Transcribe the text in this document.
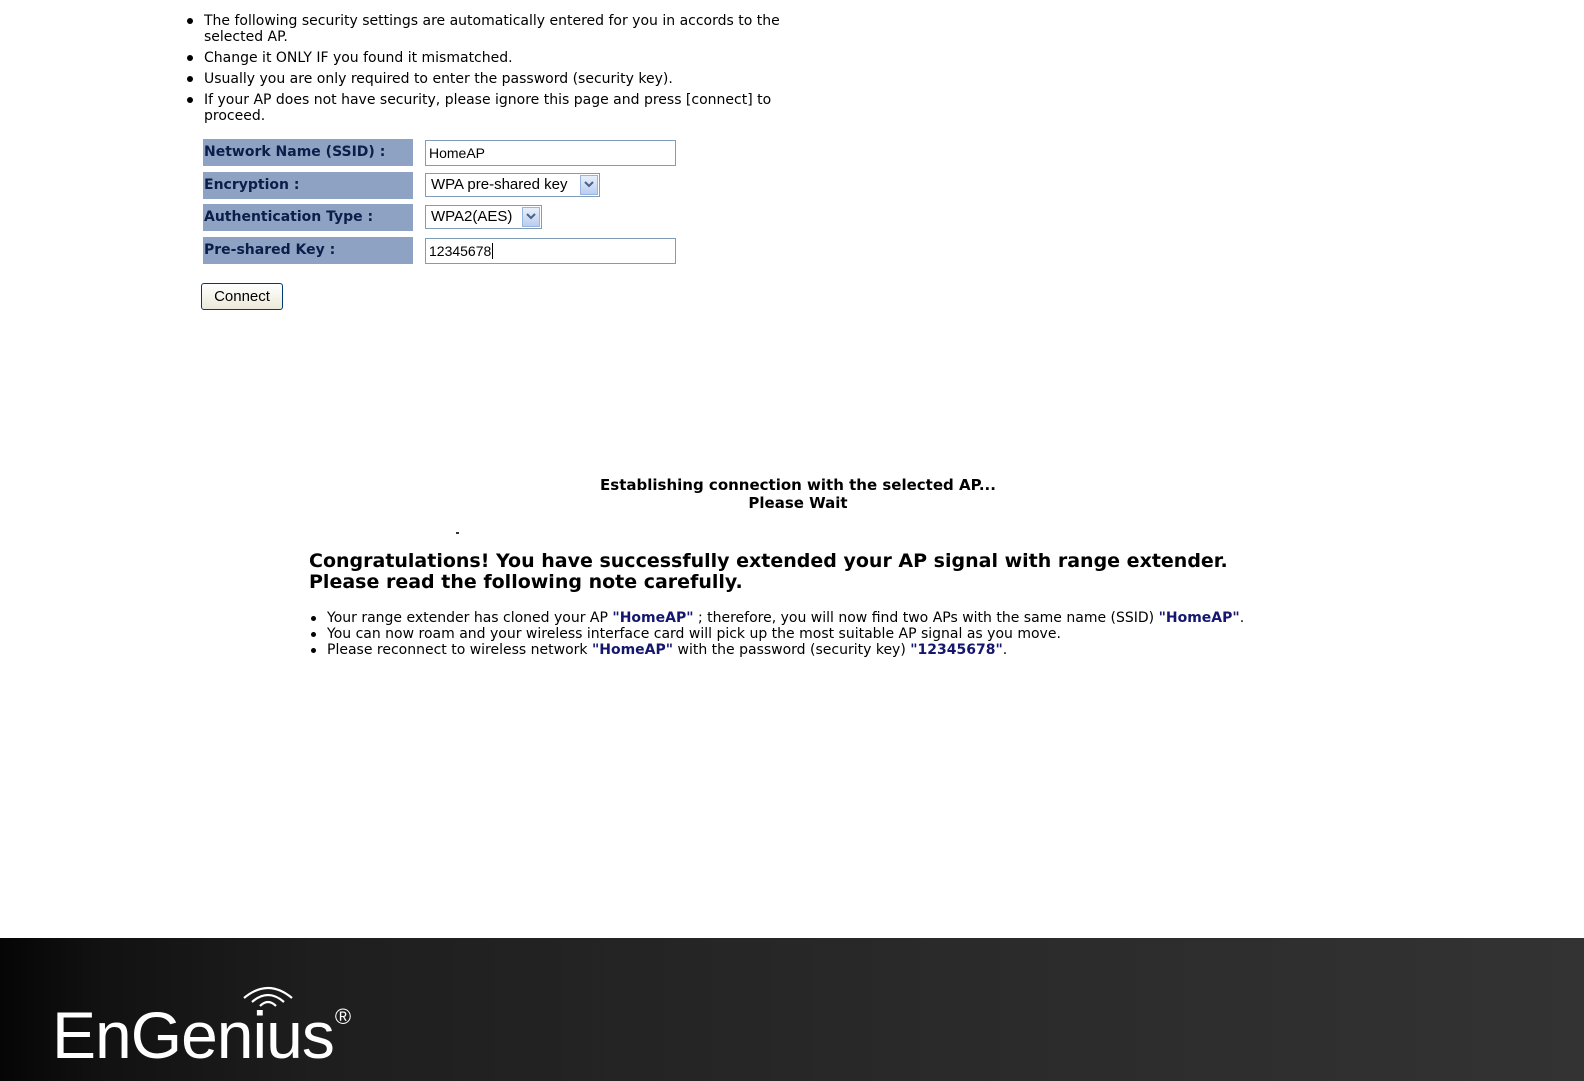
The following security settings are automatically entered for you in accords to the selected AP.
Change it ONLY IF you found it mismatched.
Usually you are only required to enter the password (security key).
If your AP does not have security, please ignore this page and press [connect] to proceed.
Network Name (SSID) :	HomeAP
Encryption :	WPA pre-shared key
Authentication Type :	WPA2(AES)
Pre-shared Key :	12345678
Connect
Establishing connection with the selected AP...
Please Wait
Congratulations! You have successfully extended your AP signal with range extender.
Please read the following note carefully.
Your range extender has cloned your AP "HomeAP" ; therefore, you will now find two APs with the same name (SSID) "HomeAP".
You can now roam and your wireless interface card will pick up the most suitable AP signal as you move.
Please reconnect to wireless network "HomeAP" with the password (security key) "12345678".
EnGenius®
